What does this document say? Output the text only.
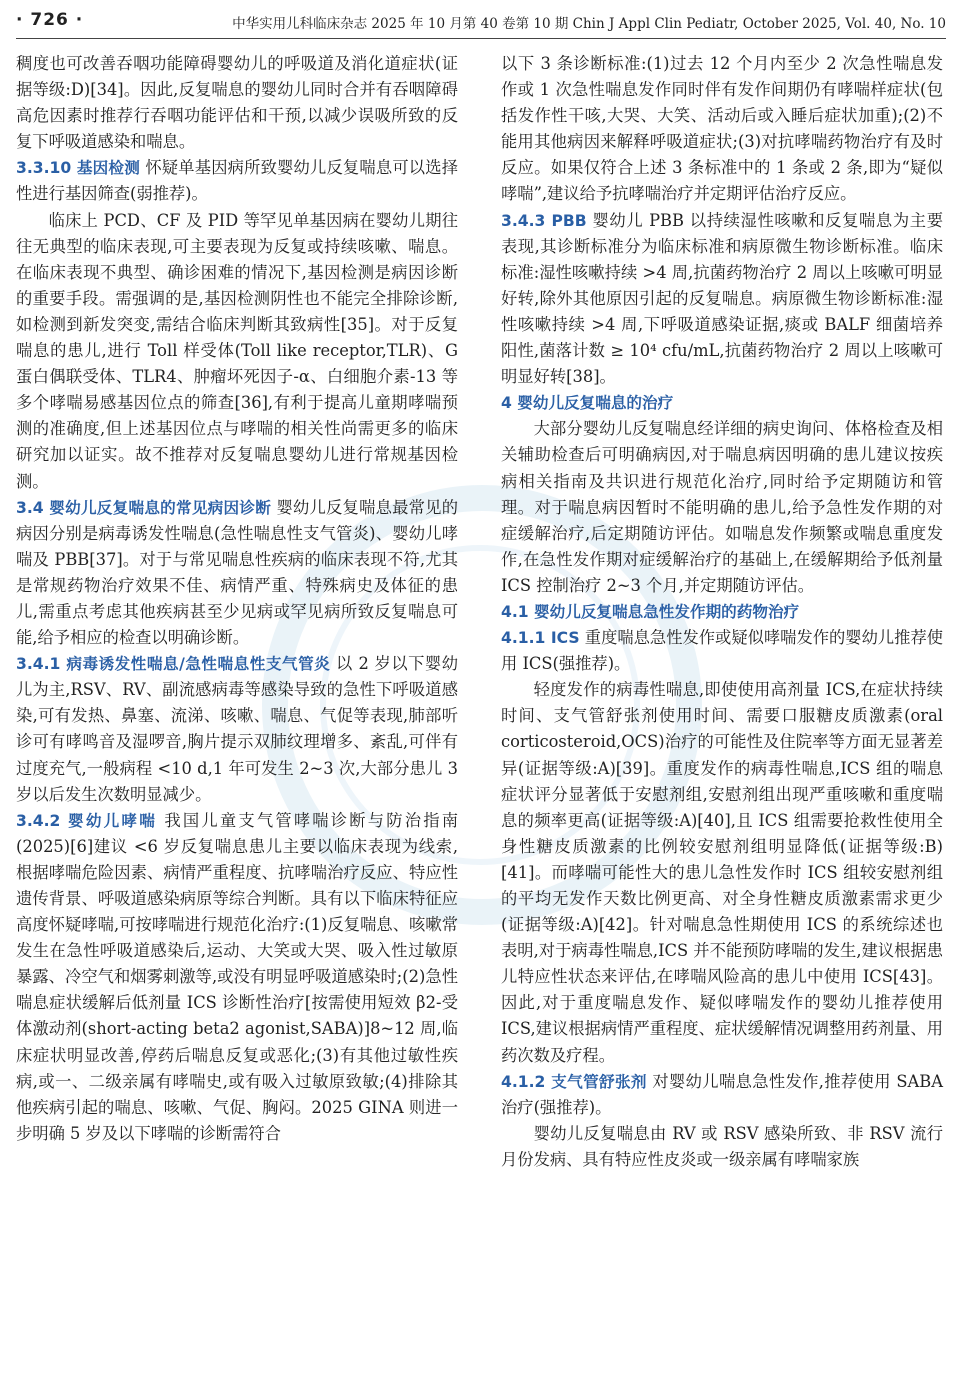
· 726 ·	中华实用儿科临床杂志 2025 年 10 月第 40 卷第 10 期 Chin J Appl Clin Pediatr, October 2025, Vol. 40, No. 10

稠度也可改善吞咽功能障碍婴幼儿的呼吸道及消化道症状(证据等级:D)[34]。因此,反复喘息的婴幼儿同时合并有吞咽障碍高危因素时推荐行吞咽功能评估和干预,以减少误吸所致的反复下呼吸道感染和喘息。

3.3.10 基因检测 怀疑单基因病所致婴幼儿反复喘息可以选择性进行基因筛查(弱推荐)。

临床上 PCD、CF 及 PID 等罕见单基因病在婴幼儿期往往无典型的临床表现,可主要表现为反复或持续咳嗽、喘息。在临床表现不典型、确诊困难的情况下,基因检测是病因诊断的重要手段。需强调的是,基因检测阴性也不能完全排除诊断,如检测到新发突变,需结合临床判断其致病性[35]。对于反复喘息的患儿,进行 Toll 样受体(Toll like receptor,TLR)、G 蛋白偶联受体、TLR4、肿瘤坏死因子-α、白细胞介素-13 等多个哮喘易感基因位点的筛查[36],有利于提高儿童期哮喘预测的准确度,但上述基因位点与哮喘的相关性尚需更多的临床研究加以证实。故不推荐对反复喘息婴幼儿进行常规基因检测。

3.4 婴幼儿反复喘息的常见病因诊断 婴幼儿反复喘息最常见的病因分别是病毒诱发性喘息(急性喘息性支气管炎)、婴幼儿哮喘及 PBB[37]。对于与常见喘息性疾病的临床表现不符,尤其是常规药物治疗效果不佳、病情严重、特殊病史及体征的患儿,需重点考虑其他疾病甚至少见病或罕见病所致反复喘息可能,给予相应的检查以明确诊断。

3.4.1 病毒诱发性喘息/急性喘息性支气管炎 以 2 岁以下婴幼儿为主,RSV、RV、副流感病毒等感染导致的急性下呼吸道感染,可有发热、鼻塞、流涕、咳嗽、喘息、气促等表现,肺部听诊可有哮鸣音及湿啰音,胸片提示双肺纹理增多、紊乱,可伴有过度充气,一般病程 <10 d,1 年可发生 2~3 次,大部分患儿 3 岁以后发生次数明显减少。

3.4.2 婴幼儿哮喘 我国儿童支气管哮喘诊断与防治指南(2025)[6]建议 <6 岁反复喘息患儿主要以临床表现为线索,根据哮喘危险因素、病情严重程度、抗哮喘治疗反应、特应性遗传背景、呼吸道感染病原等综合判断。具有以下临床特征应高度怀疑哮喘,可按哮喘进行规范化治疗:(1)反复喘息、咳嗽常发生在急性呼吸道感染后,运动、大笑或大哭、吸入性过敏原暴露、冷空气和烟雾刺激等,或没有明显呼吸道感染时;(2)急性喘息症状缓解后低剂量 ICS 诊断性治疗[按需使用短效 β2-受体激动剂(short-acting beta2 agonist,SABA)]8~12 周,临床症状明显改善,停药后喘息反复或恶化;(3)有其他过敏性疾病,或一、二级亲属有哮喘史,或有吸入过敏原致敏;(4)排除其他疾病引起的喘息、咳嗽、气促、胸闷。2025 GINA 则进一步明确 5 岁及以下哮喘的诊断需符合

以下 3 条诊断标准:(1)过去 12 个月内至少 2 次急性喘息发作或 1 次急性喘息发作同时伴有发作间期仍有哮喘样症状(包括发作性干咳,大哭、大笑、活动后或入睡后症状加重);(2)不能用其他病因来解释呼吸道症状;(3)对抗哮喘药物治疗有及时反应。如果仅符合上述 3 条标准中的 1 条或 2 条,即为“疑似哮喘”,建议给予抗哮喘治疗并定期评估治疗反应。

3.4.3 PBB 婴幼儿 PBB 以持续湿性咳嗽和反复喘息为主要表现,其诊断标准分为临床标准和病原微生物诊断标准。临床标准:湿性咳嗽持续 >4 周,抗菌药物治疗 2 周以上咳嗽可明显好转,除外其他原因引起的反复喘息。病原微生物诊断标准:湿性咳嗽持续 >4 周,下呼吸道感染证据,痰或 BALF 细菌培养阳性,菌落计数 ≥ 10⁴ cfu/mL,抗菌药物治疗 2 周以上咳嗽可明显好转[38]。

4 婴幼儿反复喘息的治疗

大部分婴幼儿反复喘息经详细的病史询问、体格检查及相关辅助检查后可明确病因,对于喘息病因明确的患儿建议按疾病相关指南及共识进行规范化治疗,同时给予定期随访和管理。对于喘息病因暂时不能明确的患儿,给予急性发作期的对症缓解治疗,后定期随访评估。如喘息发作频繁或喘息重度发作,在急性发作期对症缓解治疗的基础上,在缓解期给予低剂量 ICS 控制治疗 2~3 个月,并定期随访评估。

4.1 婴幼儿反复喘息急性发作期的药物治疗

4.1.1 ICS 重度喘息急性发作或疑似哮喘发作的婴幼儿推荐使用 ICS(强推荐)。

轻度发作的病毒性喘息,即使使用高剂量 ICS,在症状持续时间、支气管舒张剂使用时间、需要口服糖皮质激素(oral corticosteroid,OCS)治疗的可能性及住院率等方面无显著差异(证据等级:A)[39]。重度发作的病毒性喘息,ICS 组的喘息症状评分显著低于安慰剂组,安慰剂组出现严重咳嗽和重度喘息的频率更高(证据等级:A)[40],且 ICS 组需要抢救性使用全身性糖皮质激素的比例较安慰剂组明显降低(证据等级:B)[41]。而哮喘可能性大的患儿急性发作时 ICS 组较安慰剂组的平均无发作天数比例更高、对全身性糖皮质激素需求更少(证据等级:A)[42]。针对喘息急性期使用 ICS 的系统综述也表明,对于病毒性喘息,ICS 并不能预防哮喘的发生,建议根据患儿特应性状态来评估,在哮喘风险高的患儿中使用 ICS[43]。因此,对于重度喘息发作、疑似哮喘发作的婴幼儿推荐使用 ICS,建议根据病情严重程度、症状缓解情况调整用药剂量、用药次数及疗程。

4.1.2 支气管舒张剂 对婴幼儿喘息急性发作,推荐使用 SABA 治疗(强推荐)。

婴幼儿反复喘息由 RV 或 RSV 感染所致、非 RSV 流行月份发病、具有特应性皮炎或一级亲属有哮喘家族
